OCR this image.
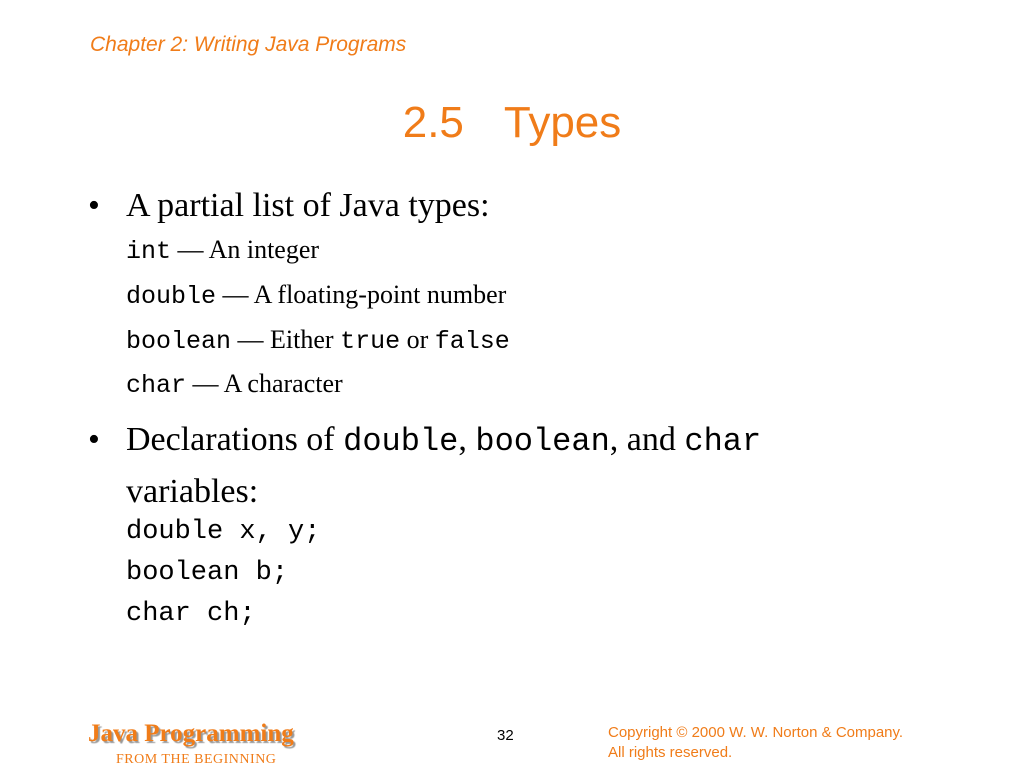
Chapter 2: Writing Java Programs
2.5 Types
• A partial list of Java types:
int — An integer
double — A floating-point number
boolean — Either true or false
char — A character
• Declarations of double, boolean, and char
variables:
double x, y;
boolean b;
char ch;
Java Programming
FROM THE BEGINNING
32	Copyright © 2000 W. W. Norton & Company.
All rights reserved.
